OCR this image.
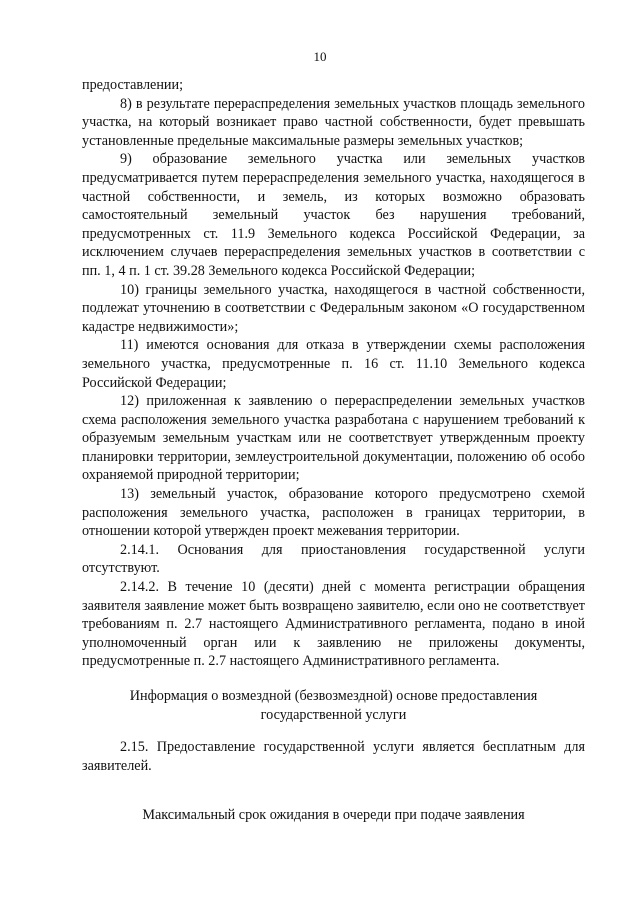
10

предоставлении;

8) в результате перераспределения земельных участков площадь земельного участка, на который возникает право частной собственности, будет превышать установленные предельные максимальные размеры земельных участков;

9) образование земельного участка или земельных участков предусматривается путем перераспределения земельного участка, находящегося в частной собственности, и земель, из которых возможно образовать самостоятельный земельный участок без нарушения требований, предусмотренных ст. 11.9 Земельного кодекса Российской Федерации, за исключением случаев перераспределения земельных участков в соответствии с пп. 1, 4 п. 1 ст. 39.28 Земельного кодекса Российской Федерации;

10) границы земельного участка, находящегося в частной собственности, подлежат уточнению в соответствии с Федеральным законом «О государственном кадастре недвижимости»;

11) имеются основания для отказа в утверждении схемы расположения земельного участка, предусмотренные п. 16 ст. 11.10 Земельного кодекса Российской Федерации;

12) приложенная к заявлению о перераспределении земельных участков схема расположения земельного участка разработана с нарушением требований к образуемым земельным участкам или не соответствует утвержденным проекту планировки территории, землеустроительной документации, положению об особо охраняемой природной территории;

13) земельный участок, образование которого предусмотрено схемой расположения земельного участка, расположен в границах территории, в отношении которой утвержден проект межевания территории.

2.14.1. Основания для приостановления государственной услуги отсутствуют.

2.14.2. В течение 10 (десяти) дней с момента регистрации обращения заявителя заявление может быть возвращено заявителю, если оно не соответствует требованиям п. 2.7 настоящего Административного регламента, подано в иной уполномоченный орган или к заявлению не приложены документы, предусмотренные п. 2.7 настоящего Административного регламента.

Информация о возмездной (безвозмездной) основе предоставления государственной услуги

2.15. Предоставление государственной услуги является бесплатным для заявителей.

Максимальный срок ожидания в очереди при подаче заявления
